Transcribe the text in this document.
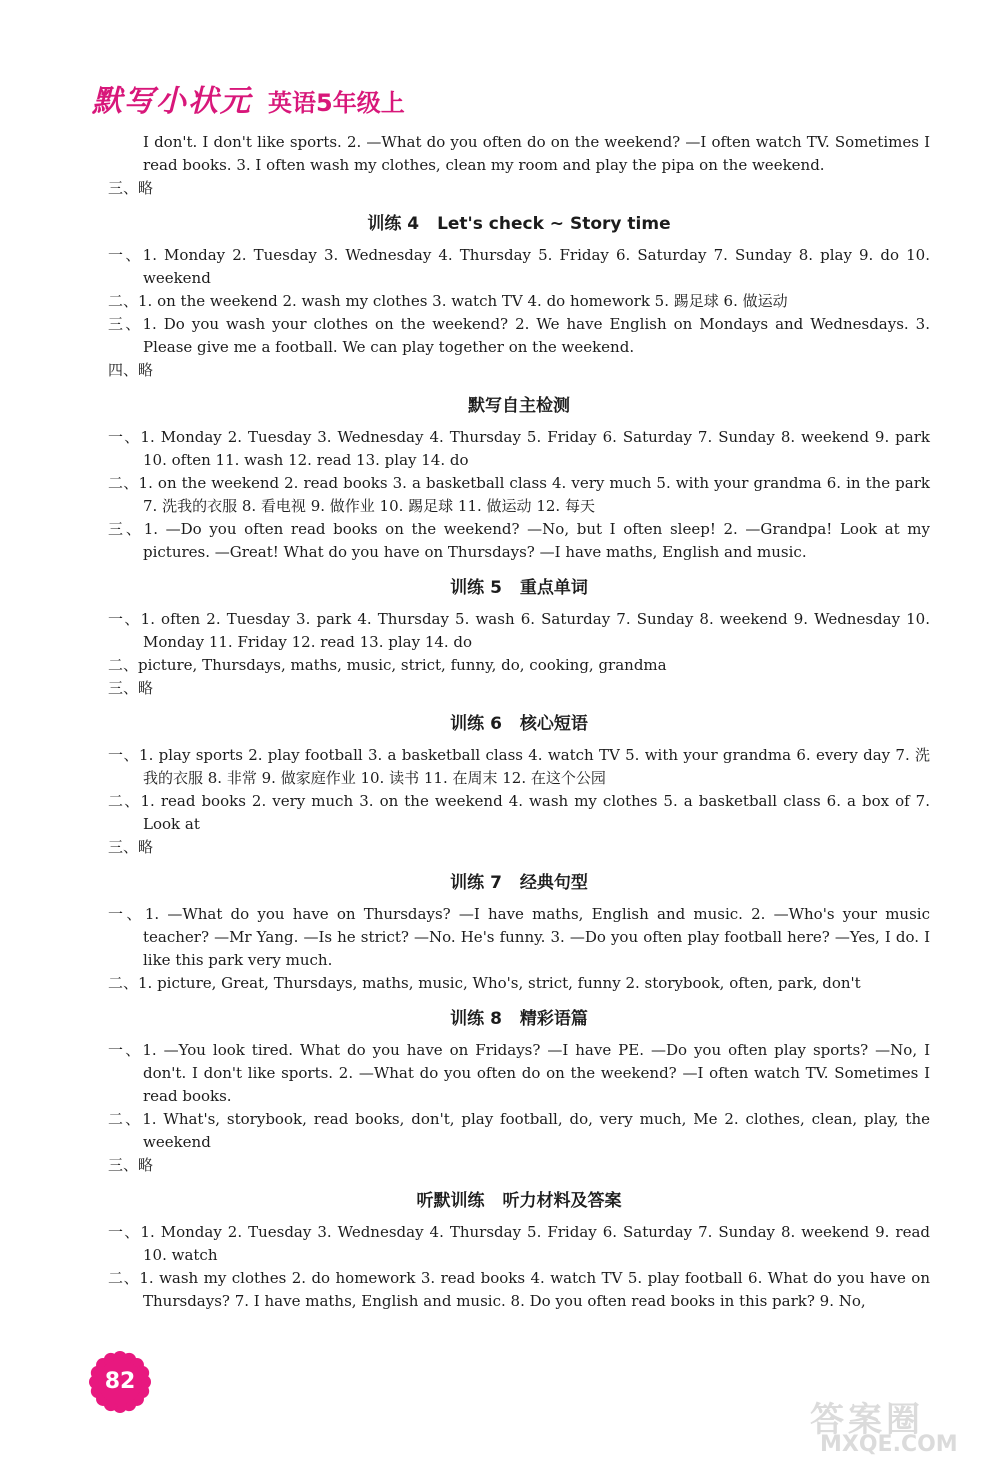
默写小状元 英语5年级上

I don't. I don't like sports. 2. —What do you often do on the weekend? —I often watch TV. Sometimes I read books. 3. I often wash my clothes, clean my room and play the pipa on the weekend.

三、略

训练 4 Let's check ~ Story time

一、1. Monday 2. Tuesday 3. Wednesday 4. Thursday 5. Friday 6. Saturday 7. Sunday 8. play 9. do 10. weekend

二、1. on the weekend 2. wash my clothes 3. watch TV 4. do homework 5. 踢足球 6. 做运动

三、1. Do you wash your clothes on the weekend? 2. We have English on Mondays and Wednesdays. 3. Please give me a football. We can play together on the weekend.

四、略

默写自主检测

一、1. Monday 2. Tuesday 3. Wednesday 4. Thursday 5. Friday 6. Saturday 7. Sunday 8. weekend 9. park 10. often 11. wash 12. read 13. play 14. do

二、1. on the weekend 2. read books 3. a basketball class 4. very much 5. with your grandma 6. in the park 7. 洗我的衣服 8. 看电视 9. 做作业 10. 踢足球 11. 做运动 12. 每天

三、1. —Do you often read books on the weekend? —No, but I often sleep! 2. —Grandpa! Look at my pictures. —Great! What do you have on Thursdays? —I have maths, English and music.

训练 5 重点单词

一、1. often 2. Tuesday 3. park 4. Thursday 5. wash 6. Saturday 7. Sunday 8. weekend 9. Wednesday 10. Monday 11. Friday 12. read 13. play 14. do

二、picture, Thursdays, maths, music, strict, funny, do, cooking, grandma

三、略

训练 6 核心短语

一、1. play sports 2. play football 3. a basketball class 4. watch TV 5. with your grandma 6. every day 7. 洗我的衣服 8. 非常 9. 做家庭作业 10. 读书 11. 在周末 12. 在这个公园

二、1. read books 2. very much 3. on the weekend 4. wash my clothes 5. a basketball class 6. a box of 7. Look at

三、略

训练 7 经典句型

一、1. —What do you have on Thursdays? —I have maths, English and music. 2. —Who's your music teacher? —Mr Yang. —Is he strict? —No. He's funny. 3. —Do you often play football here? —Yes, I do. I like this park very much.

二、1. picture, Great, Thursdays, maths, music, Who's, strict, funny 2. storybook, often, park, don't

训练 8 精彩语篇

一、1. —You look tired. What do you have on Fridays? —I have PE. —Do you often play sports? —No, I don't. I don't like sports. 2. —What do you often do on the weekend? —I often watch TV. Sometimes I read books.

二、1. What's, storybook, read books, don't, play football, do, very much, Me 2. clothes, clean, play, the weekend

三、略

听默训练 听力材料及答案

一、1. Monday 2. Tuesday 3. Wednesday 4. Thursday 5. Friday 6. Saturday 7. Sunday 8. weekend 9. read 10. watch

二、1. wash my clothes 2. do homework 3. read books 4. watch TV 5. play football 6. What do you have on Thursdays? 7. I have maths, English and music. 8. Do you often read books in this park? 9. No,

82
答案圈
MXQE.COM
